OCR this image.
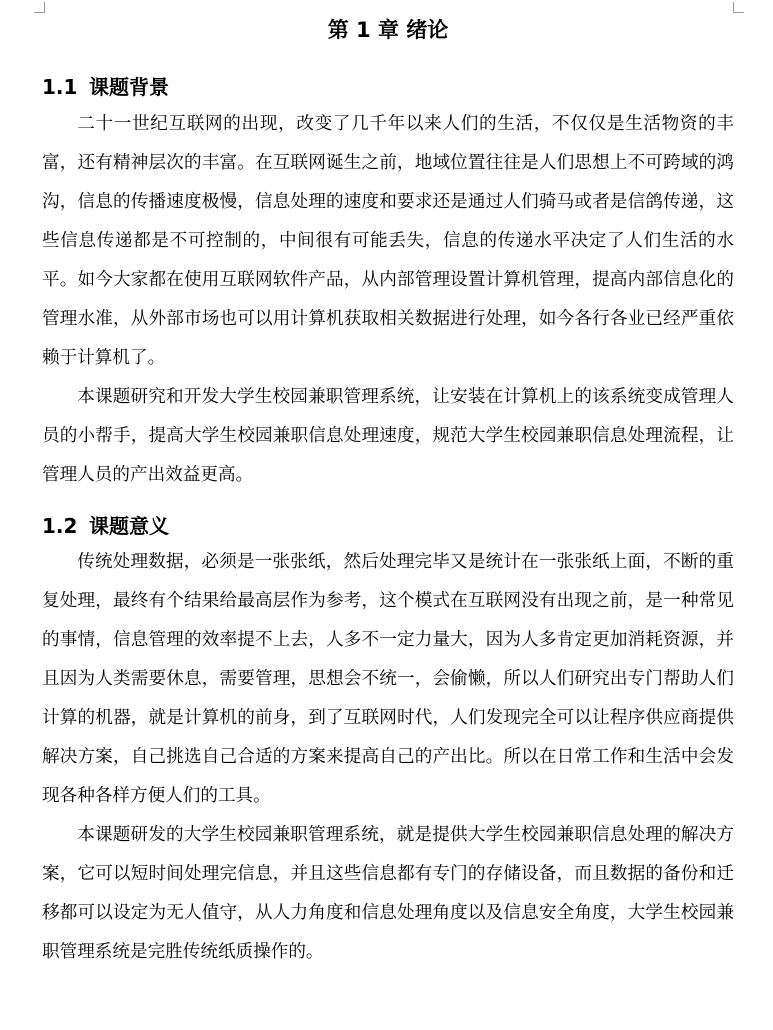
第 1 章 绪论
1.1 课题背景

二十一世纪互联网的出现，改变了几千年以来人们的生活，不仅仅是生活物资的丰富，还有精神层次的丰富。在互联网诞生之前，地域位置往往是人们思想上不可跨域的鸿沟，信息的传播速度极慢，信息处理的速度和要求还是通过人们骑马或者是信鸽传递，这些信息传递都是不可控制的，中间很有可能丢失，信息的传递水平决定了人们生活的水平。如今大家都在使用互联网软件产品，从内部管理设置计算机管理，提高内部信息化的管理水准，从外部市场也可以用计算机获取相关数据进行处理，如今各行各业已经严重依赖于计算机了。

本课题研究和开发大学生校园兼职管理系统，让安装在计算机上的该系统变成管理人员的小帮手，提高大学生校园兼职信息处理速度，规范大学生校园兼职信息处理流程，让管理人员的产出效益更高。

1.2 课题意义

传统处理数据，必须是一张张纸，然后处理完毕又是统计在一张张纸上面，不断的重复处理，最终有个结果给最高层作为参考，这个模式在互联网没有出现之前，是一种常见的事情，信息管理的效率提不上去，人多不一定力量大，因为人多肯定更加消耗资源，并且因为人类需要休息，需要管理，思想会不统一，会偷懒，所以人们研究出专门帮助人们计算的机器，就是计算机的前身，到了互联网时代，人们发现完全可以让程序供应商提供解决方案，自己挑选自己合适的方案来提高自己的产出比。所以在日常工作和生活中会发现各种各样方便人们的工具。

本课题研发的大学生校园兼职管理系统，就是提供大学生校园兼职信息处理的解决方案，它可以短时间处理完信息，并且这些信息都有专门的存储设备，而且数据的备份和迁移都可以设定为无人值守，从人力角度和信息处理角度以及信息安全角度，大学生校园兼职管理系统是完胜传统纸质操作的。
